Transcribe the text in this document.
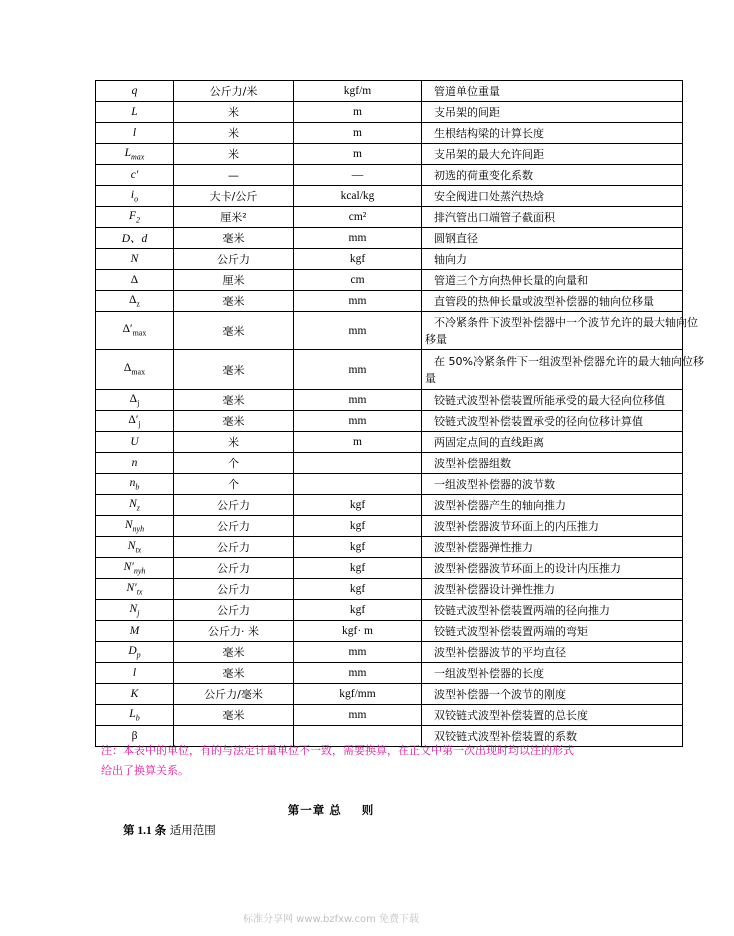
q	公斤力/米	kgf/m	管道单位重量
L	米	m	支吊架的间距
l	米	m	生根结构梁的计算长度
$L_{max}$	米	m	支吊架的最大允许间距
c′	—	—	初选的荷重变化系数
$i_o$	大卡/公斤	kcal/kg	安全阀进口处蒸汽热焓
$F_2$	厘米²	cm²	排汽管出口端管子截面积
D、d	毫米	mm	圆钢直径
N	公斤力	kgf	轴向力
Δ	厘米	cm	管道三个方向热伸长量的向量和
$\Delta_z$	毫米	mm	直管段的热伸长量或波型补偿器的轴向位移量
$\Delta'_{max}$	毫米	mm	不冷紧条件下波型补偿器中一个波节允许的最大轴向位
移量

$\Delta_{max}$	毫米	mm	在 50%冷紧条件下一组波型补偿器允许的最大轴向位移
量

$\Delta_j$	毫米	mm	铰链式波型补偿装置所能承受的最大径向位移值
$\Delta'_j$	毫米	mm	铰链式波型补偿装置承受的径向位移计算值
U	米	m	两固定点间的直线距离
n	个		波型补偿器组数
$n_b$	个		一组波型补偿器的波节数
$N_z$	公斤力	kgf	波型补偿器产生的轴向推力
$N_{nyh}$	公斤力	kgf	波型补偿器波节环面上的内压推力
$N_{tx}$	公斤力	kgf	波型补偿器弹性推力
$N'_{nyh}$	公斤力	kgf	波型补偿器波节环面上的设计内压推力
$N'_{tx}$	公斤力	kgf	波型补偿器设计弹性推力
$N_j$	公斤力	kgf	铰链式波型补偿装置两端的径向推力
M	公斤力· 米	kgf· m	铰链式波型补偿装置两端的弯矩
$D_p$	毫米	mm	波型补偿器波节的平均直径
l	毫米	mm	一组波型补偿器的长度
K	公斤力/毫米	kgf/mm	波型补偿器一个波节的刚度
$L_b$	毫米	mm	双铰链式波型补偿装置的总长度
β			双铰链式波型补偿装置的系数
注：本表中的单位，有的与法定计量单位不一致，需要换算，在正文中第一次出现时均以注的形式给出了换算关系。
第一章 总 则
第 1.1 条 适用范围
标准分享网 www.bzfxw.com 免费下载
